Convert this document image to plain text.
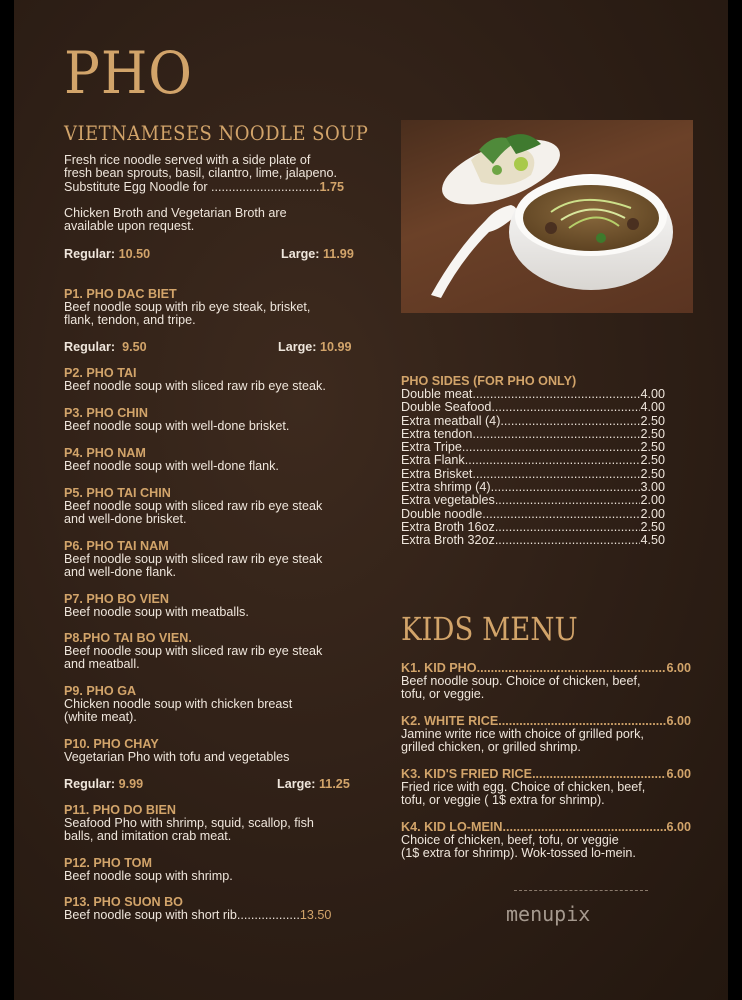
PHO
VIETNAMESES NOODLE SOUP
Fresh rice noodle served with a side plate of
fresh bean sprouts, basil, cilantro, lime, jalapeno.
Substitute Egg Noodle for ...............................1.75
Chicken Broth and Vegetarian Broth are
available upon request.
Regular: 10.50	Large: 11.99
P1. PHO DAC BIET
Beef noodle soup with rib eye steak, brisket,
flank, tendon, and tripe.
Regular: 9.50	Large: 10.99
P2. PHO TAI
Beef noodle soup with sliced raw rib eye steak.
P3. PHO CHIN
Beef noodle soup with well-done brisket.
P4. PHO NAM
Beef noodle soup with well-done flank.
P5. PHO TAI CHIN
Beef noodle soup with sliced raw rib eye steak
and well-done brisket.
P6. PHO TAI NAM
Beef noodle soup with sliced raw rib eye steak
and well-done flank.
P7. PHO BO VIEN
Beef noodle soup with meatballs.
P8.PHO TAI BO VIEN.
Beef noodle soup with sliced raw rib eye steak
and meatball.
P9. PHO GA
Chicken noodle soup with chicken breast
(white meat).
P10. PHO CHAY
Vegetarian Pho with tofu and vegetables
Regular: 9.99	Large: 11.25
P11. PHO DO BIEN
Seafood Pho with shrimp, squid, scallop, fish
balls, and imitation crab meat.
P12. PHO TOM
Beef noodle soup with shrimp.
P13. PHO SUON BO
Beef noodle soup with short rib..................13.50
PHO SIDES (FOR PHO ONLY)
Double meat .....	4.00
Double Seafood .....	4.00
Extra meatball (4) .....	2.50
Extra tendon .....	2.50
Extra Tripe .....	2.50
Extra Flank .....	2.50
Extra Brisket .....	2.50
Extra shrimp (4) .....	3.00
Extra vegetables .....	2.00
Double noodle .....	2.00
Extra Broth 16oz .....	2.50
Extra Broth 32oz .....	4.50
KIDS MENU
K1. KID PHO .....	6.00
Beef noodle soup. Choice of chicken, beef,
tofu, or veggie.
K2. WHITE RICE .....	6.00
Jamine write rice with choice of grilled pork,
grilled chicken, or grilled shrimp.
K3. KID'S FRIED RICE .....	6.00
Fried rice with egg. Choice of chicken, beef,
tofu, or veggie ( 1$ extra for shrimp).
K4. KID LO-MEIN .....	6.00
Choice of chicken, beef, tofu, or veggie
(1$ extra for shrimp). Wok-tossed lo-mein.
menupix
